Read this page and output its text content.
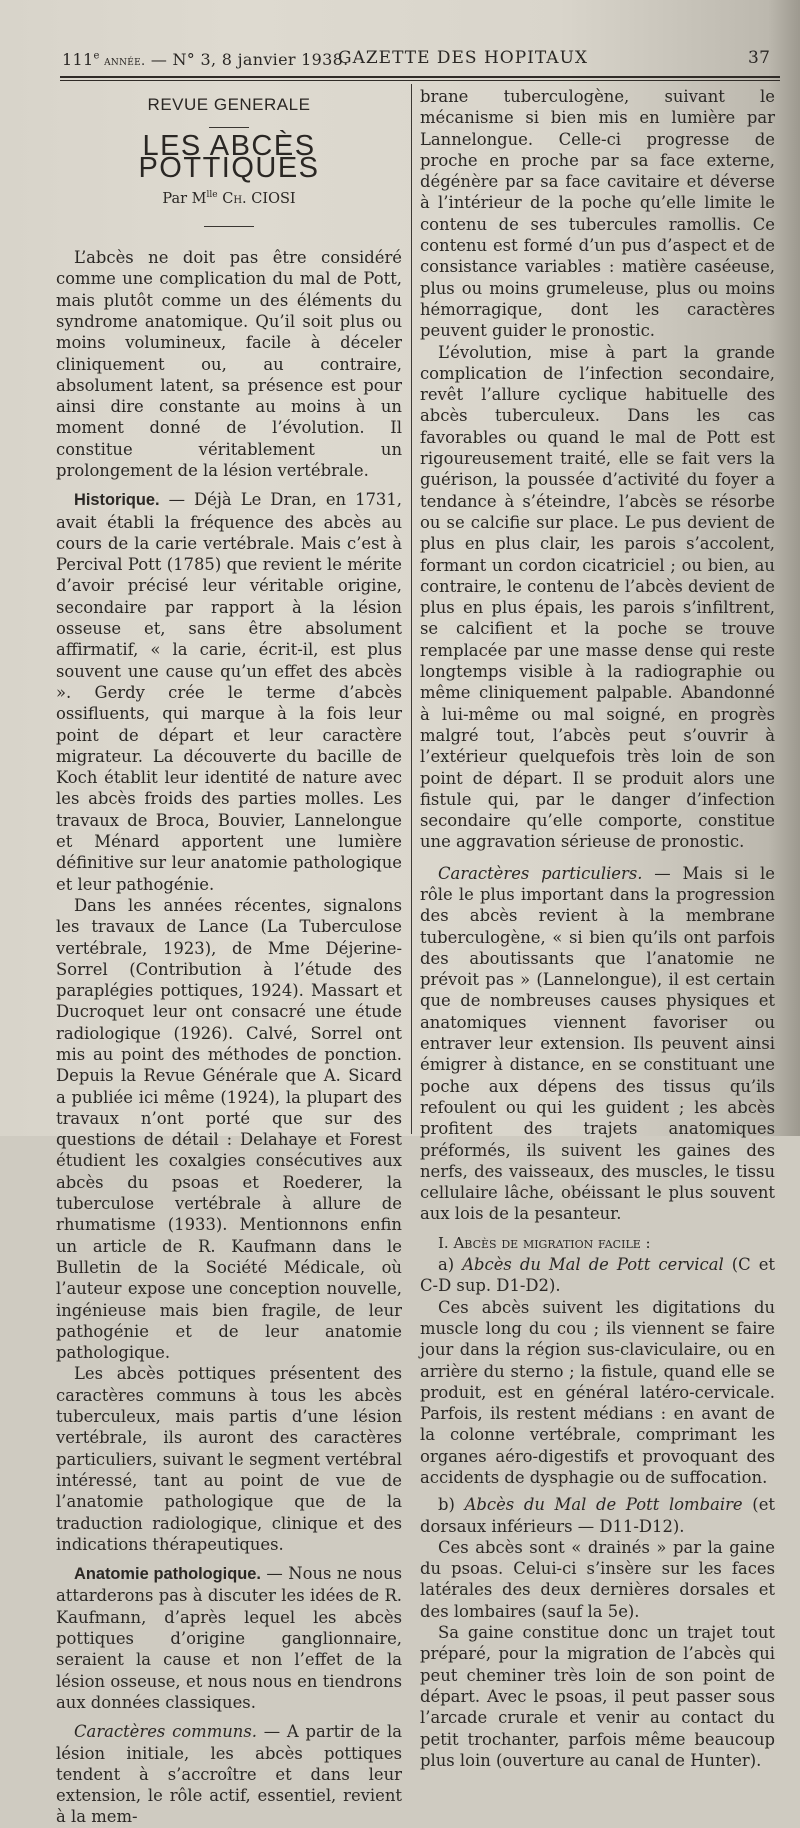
111e année. — N° 3, 8 janvier 1938.
GAZETTE DES HOPITAUX	37
REVUE GENERALE
LES ABCÈS POTTIQUES
Par $M^{lle}$ Ch. CIOSI

L’abcès ne doit pas être considéré comme une complication du mal de Pott, mais plutôt comme un des éléments du syndrome anatomique. Qu’il soit plus ou moins volumineux, facile à déceler cliniquement ou, au contraire, absolument latent, sa présence est pour ainsi dire constante au moins à un moment donné de l’évolution. Il constitue véritablement un prolongement de la lésion vertébrale.

Historique. — Déjà Le Dran, en 1731, avait établi la fréquence des abcès au cours de la carie vertébrale. Mais c’est à Percival Pott (1785) que revient le mérite d’avoir précisé leur véritable origine, secondaire par rapport à la lésion osseuse et, sans être absolument affirmatif, « la carie, écrit-il, est plus souvent une cause qu’un effet des abcès ». Gerdy crée le terme d’abcès ossifluents, qui marque à la fois leur point de départ et leur caractère migrateur. La découverte du bacille de Koch établit leur identité de nature avec les abcès froids des parties molles. Les travaux de Broca, Bouvier, Lannelongue et Ménard apportent une lumière définitive sur leur anatomie pathologique et leur pathogénie.

Dans les années récentes, signalons les travaux de Lance (La Tuberculose vertébrale, 1923), de Mme Déjerine-Sorrel (Contribution à l’étude des paraplégies pottiques, 1924). Massart et Ducroquet leur ont consacré une étude radiologique (1926). Calvé, Sorrel ont mis au point des méthodes de ponction. Depuis la Revue Générale que A. Sicard a publiée ici même (1924), la plupart des travaux n’ont porté que sur des questions de détail : Delahaye et Forest étudient les coxalgies consécutives aux abcès du psoas et Roederer, la tuberculose vertébrale à allure de rhumatisme (1933). Mentionnons enfin un article de R. Kaufmann dans le Bulletin de la Société Médicale, où l’auteur expose une conception nouvelle, ingénieuse mais bien fragile, de leur pathogénie et de leur anatomie pathologique.

Les abcès pottiques présentent des caractères communs à tous les abcès tuberculeux, mais partis d’une lésion vertébrale, ils auront des caractères particuliers, suivant le segment vertébral intéressé, tant au point de vue de l’anatomie pathologique que de la traduction radiologique, clinique et des indications thérapeutiques.

Anatomie pathologique. — Nous ne nous attarderons pas à discuter les idées de R. Kaufmann, d’après lequel les abcès pottiques d’origine ganglionnaire, seraient la cause et non l’effet de la lésion osseuse, et nous nous en tiendrons aux données classiques.

Caractères communs. — A partir de la lésion initiale, les abcès pottiques tendent à s’accroître et dans leur extension, le rôle actif, essentiel, revient à la mem-

brane tuberculogène, suivant le mécanisme si bien mis en lumière par Lannelongue. Celle-ci progresse de proche en proche par sa face externe, dégénère par sa face cavitaire et déverse à l’intérieur de la poche qu’elle limite le contenu de ses tubercules ramollis. Ce contenu est formé d’un pus d’aspect et de consistance variables : matière caséeuse, plus ou moins grumeleuse, plus ou moins hémorragique, dont les caractères peuvent guider le pronostic.

L’évolution, mise à part la grande complication de l’infection secondaire, revêt l’allure cyclique habituelle des abcès tuberculeux. Dans les cas favorables ou quand le mal de Pott est rigoureusement traité, elle se fait vers la guérison, la poussée d’activité du foyer a tendance à s’éteindre, l’abcès se résorbe ou se calcifie sur place. Le pus devient de plus en plus clair, les parois s’accolent, formant un cordon cicatriciel ; ou bien, au contraire, le contenu de l’abcès devient de plus en plus épais, les parois s’infiltrent, se calcifient et la poche se trouve remplacée par une masse dense qui reste longtemps visible à la radiographie ou même cliniquement palpable. Abandonné à lui-même ou mal soigné, en progrès malgré tout, l’abcès peut s’ouvrir à l’extérieur quelquefois très loin de son point de départ. Il se produit alors une fistule qui, par le danger d’infection secondaire qu’elle comporte, constitue une aggravation sérieuse de pronostic.

Caractères particuliers. — Mais si le rôle le plus important dans la progression des abcès revient à la membrane tuberculogène, « si bien qu’ils ont parfois des aboutissants que l’anatomie ne prévoit pas » (Lannelongue), il est certain que de nombreuses causes physiques et anatomiques viennent favoriser ou entraver leur extension. Ils peuvent ainsi émigrer à distance, en se constituant une poche aux dépens des tissus qu’ils refoulent ou qui les guident ; les abcès profitent des trajets anatomiques préformés, ils suivent les gaines des nerfs, des vaisseaux, des muscles, le tissu cellulaire lâche, obéissant le plus souvent aux lois de la pesanteur.

I. Abcès de migration facile :

a) Abcès du Mal de Pott cervical (C et C-D sup. D1-D2).

Ces abcès suivent les digitations du muscle long du cou ; ils viennent se faire jour dans la région sus-claviculaire, ou en arrière du sterno ; la fistule, quand elle se produit, est en général latéro-cervicale. Parfois, ils restent médians : en avant de la colonne vertébrale, comprimant les organes aéro-digestifs et provoquant des accidents de dysphagie ou de suffocation.

b) Abcès du Mal de Pott lombaire (et dorsaux inférieurs — D11-D12).

Ces abcès sont « drainés » par la gaine du psoas. Celui-ci s’insère sur les faces latérales des deux dernières dorsales et des lombaires (sauf la 5e).

Sa gaine constitue donc un trajet tout préparé, pour la migration de l’abcès qui peut cheminer très loin de son point de départ. Avec le psoas, il peut passer sous l’arcade crurale et venir au contact du petit trochanter, parfois même beaucoup plus loin (ouverture au canal de Hunter).
